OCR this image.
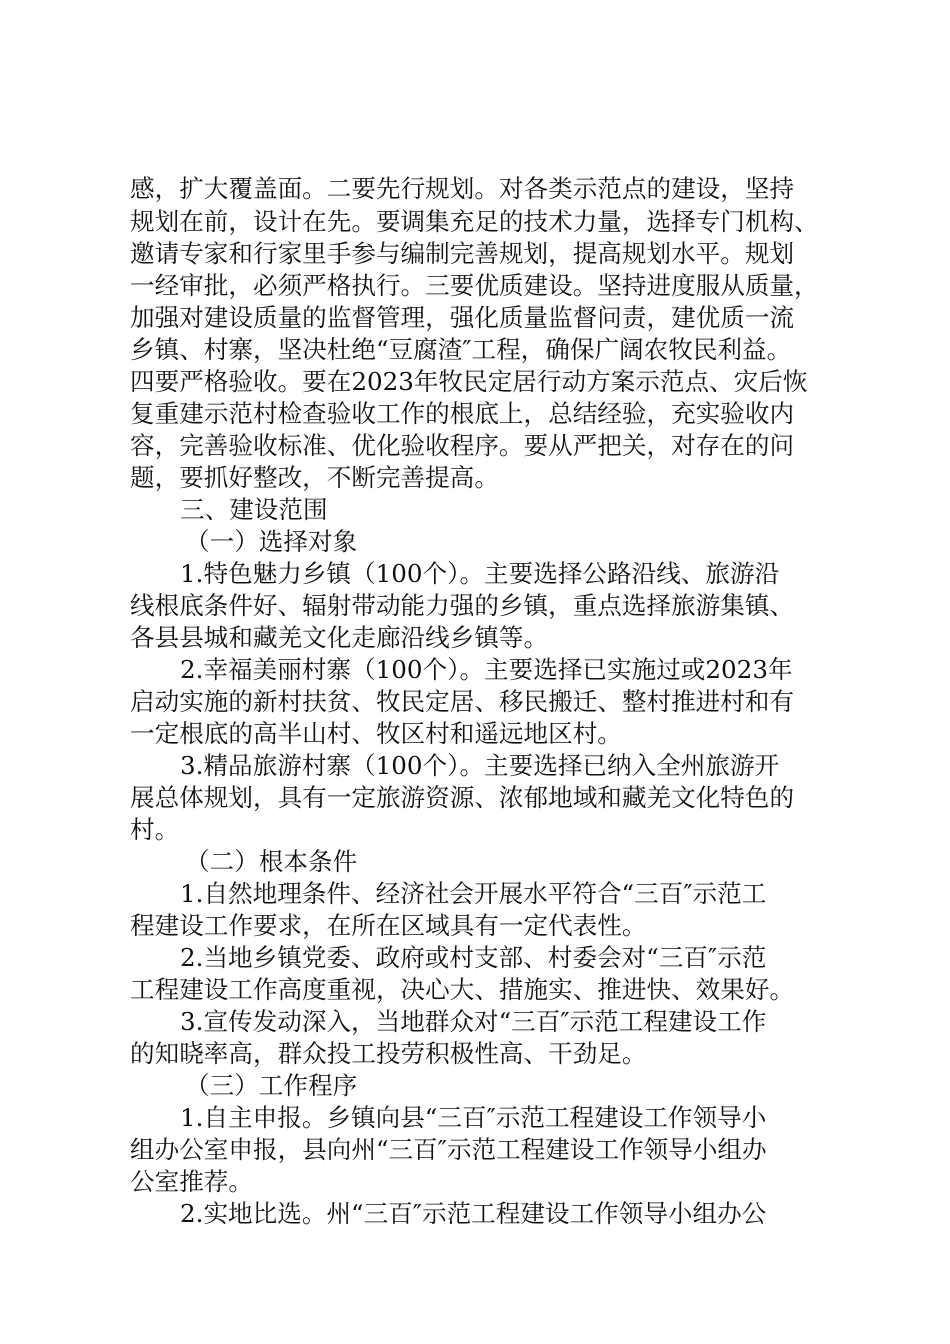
感，扩大覆盖面。二要先行规划。对各类示范点的建设，坚持
规划在前，设计在先。要调集充足的技术力量，选择专门机构、
邀请专家和行家里手参与编制完善规划，提高规划水平。规划
一经审批，必须严格执行。三要优质建设。坚持进度服从质量，
加强对建设质量的监督管理，强化质量监督问责，建优质一流
乡镇、村寨，坚决杜绝“豆腐渣″工程，确保广阔农牧民利益。
四要严格验收。要在2023年牧民定居行动方案示范点、灾后恢
复重建示范村检查验收工作的根底上，总结经验，充实验收内
容，完善验收标准、优化验收程序。要从严把关，对存在的问
题，要抓好整改，不断完善提高。
三、建设范围
（一）选择对象
1.特色魅力乡镇（100个）。主要选择公路沿线、旅游沿
线根底条件好、辐射带动能力强的乡镇，重点选择旅游集镇、
各县县城和藏羌文化走廊沿线乡镇等。
2.幸福美丽村寨（100个）。主要选择已实施过或2023年
启动实施的新村扶贫、牧民定居、移民搬迁、整村推进村和有
一定根底的高半山村、牧区村和遥远地区村。
3.精品旅游村寨（100个）。主要选择已纳入全州旅游开
展总体规划，具有一定旅游资源、浓郁地域和藏羌文化特色的
村。
（二）根本条件
1.自然地理条件、经济社会开展水平符合“三百″示范工
程建设工作要求，在所在区域具有一定代表性。
2.当地乡镇党委、政府或村支部、村委会对“三百″示范
工程建设工作高度重视，决心大、措施实、推进快、效果好。
3.宣传发动深入，当地群众对“三百″示范工程建设工作
的知晓率高，群众投工投劳积极性高、干劲足。
（三）工作程序
1.自主申报。乡镇向县“三百″示范工程建设工作领导小
组办公室申报，县向州“三百″示范工程建设工作领导小组办
公室推荐。
2.实地比选。州“三百″示范工程建设工作领导小组办公
